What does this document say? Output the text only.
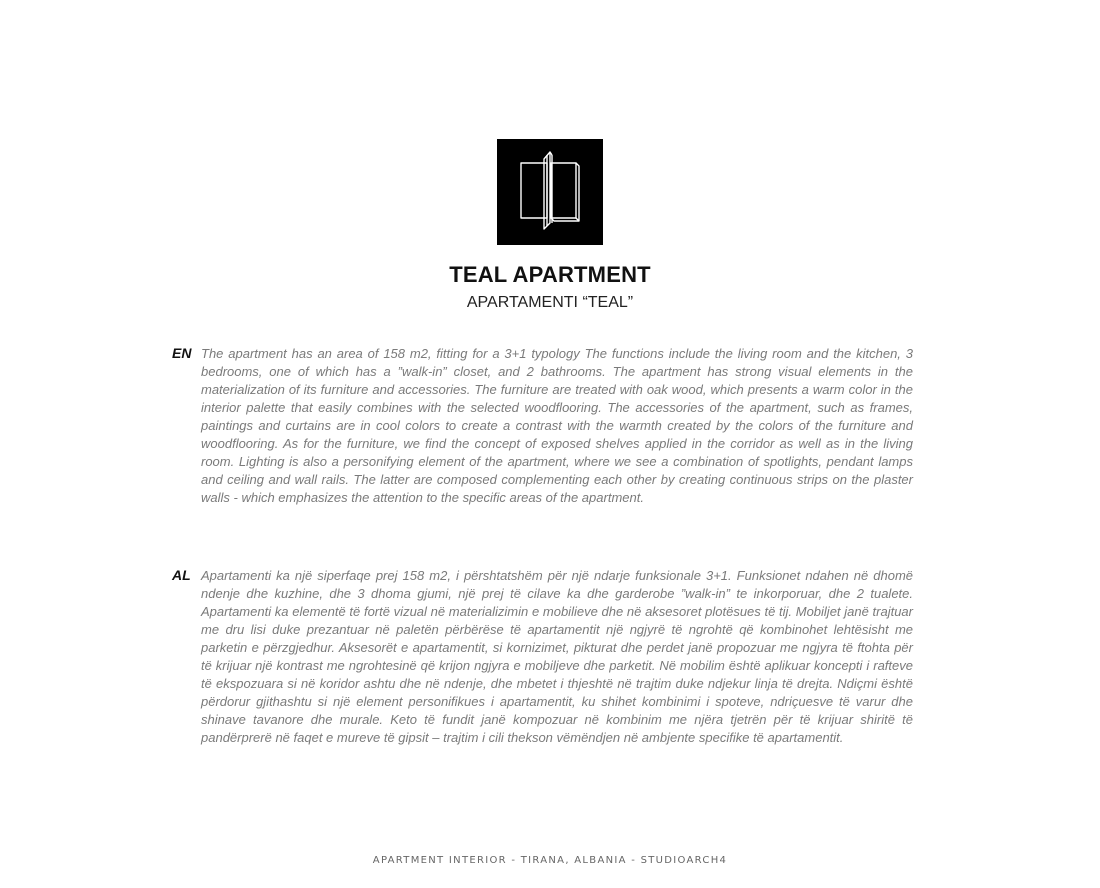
TEAL APARTMENT
APARTAMENTI “TEAL”
EN The apartment has an area of 158 m2, fitting for a 3+1 typology The functions include the living room and the kitchen, 3 bedrooms, one of which has a ”walk-in” closet, and 2 bathrooms. The apartment has strong visual elements in the materialization of its furniture and accessories. The furniture are treated with oak wood, which presents a warm color in the interior palette that easily combines with the selected woodflooring. The accessories of the apartment, such as frames, paintings and curtains are in cool colors to create a contrast with the warmth created by the colors of the furniture and woodflooring. As for the furniture, we find the concept of exposed shelves applied in the corridor as well as in the living room. Lighting is also a personifying element of the apartment, where we see a combination of spotlights, pendant lamps and ceiling and wall rails. The latter are composed complementing each other by creating continuous strips on the plaster walls - which emphasizes the attention to the specific areas of the apartment.

AL Apartamenti ka një siperfaqe prej 158 m2, i përshtatshëm për një ndarje funksionale 3+1. Funksionet ndahen në dhomë ndenje dhe kuzhine, dhe 3 dhoma gjumi, një prej të cilave ka dhe garderobe ”walk-in” te inkorporuar, dhe 2 tualete. Apartamenti ka elementë të fortë vizual në materializimin e mobilieve dhe në aksesoret plotësues të tij. Mobiljet janë trajtuar me dru lisi duke prezantuar në paletën përbërëse të apartamentit një ngjyrë të ngrohtë që kombinohet lehtësisht me parketin e përzgjedhur. Aksesorët e apartamentit, si kornizimet, pikturat dhe perdet janë propozuar me ngjyra të ftohta për të krijuar një kontrast me ngrohtesinë që krijon ngjyra e mobiljeve dhe parketit. Në mobilim është aplikuar koncepti i rafteve të ekspozuara si në koridor ashtu dhe në ndenje, dhe mbetet i thjeshtë në trajtim duke ndjekur linja të drejta. Ndiçmi është përdorur gjithashtu si një element personifikues i apartamentit, ku shihet kombinimi i spoteve, ndriçuesve të varur dhe shinave tavanore dhe murale. Keto të fundit janë kompozuar në kombinim me njëra tjetrën për të krijuar shiritë të pandërprerë në faqet e mureve të gipsit – trajtim i cili thekson vëmëndjen në ambjente specifike të apartamentit.

APARTMENT INTERIOR - TIRANA, ALBANIA - STUDIOARCH4
